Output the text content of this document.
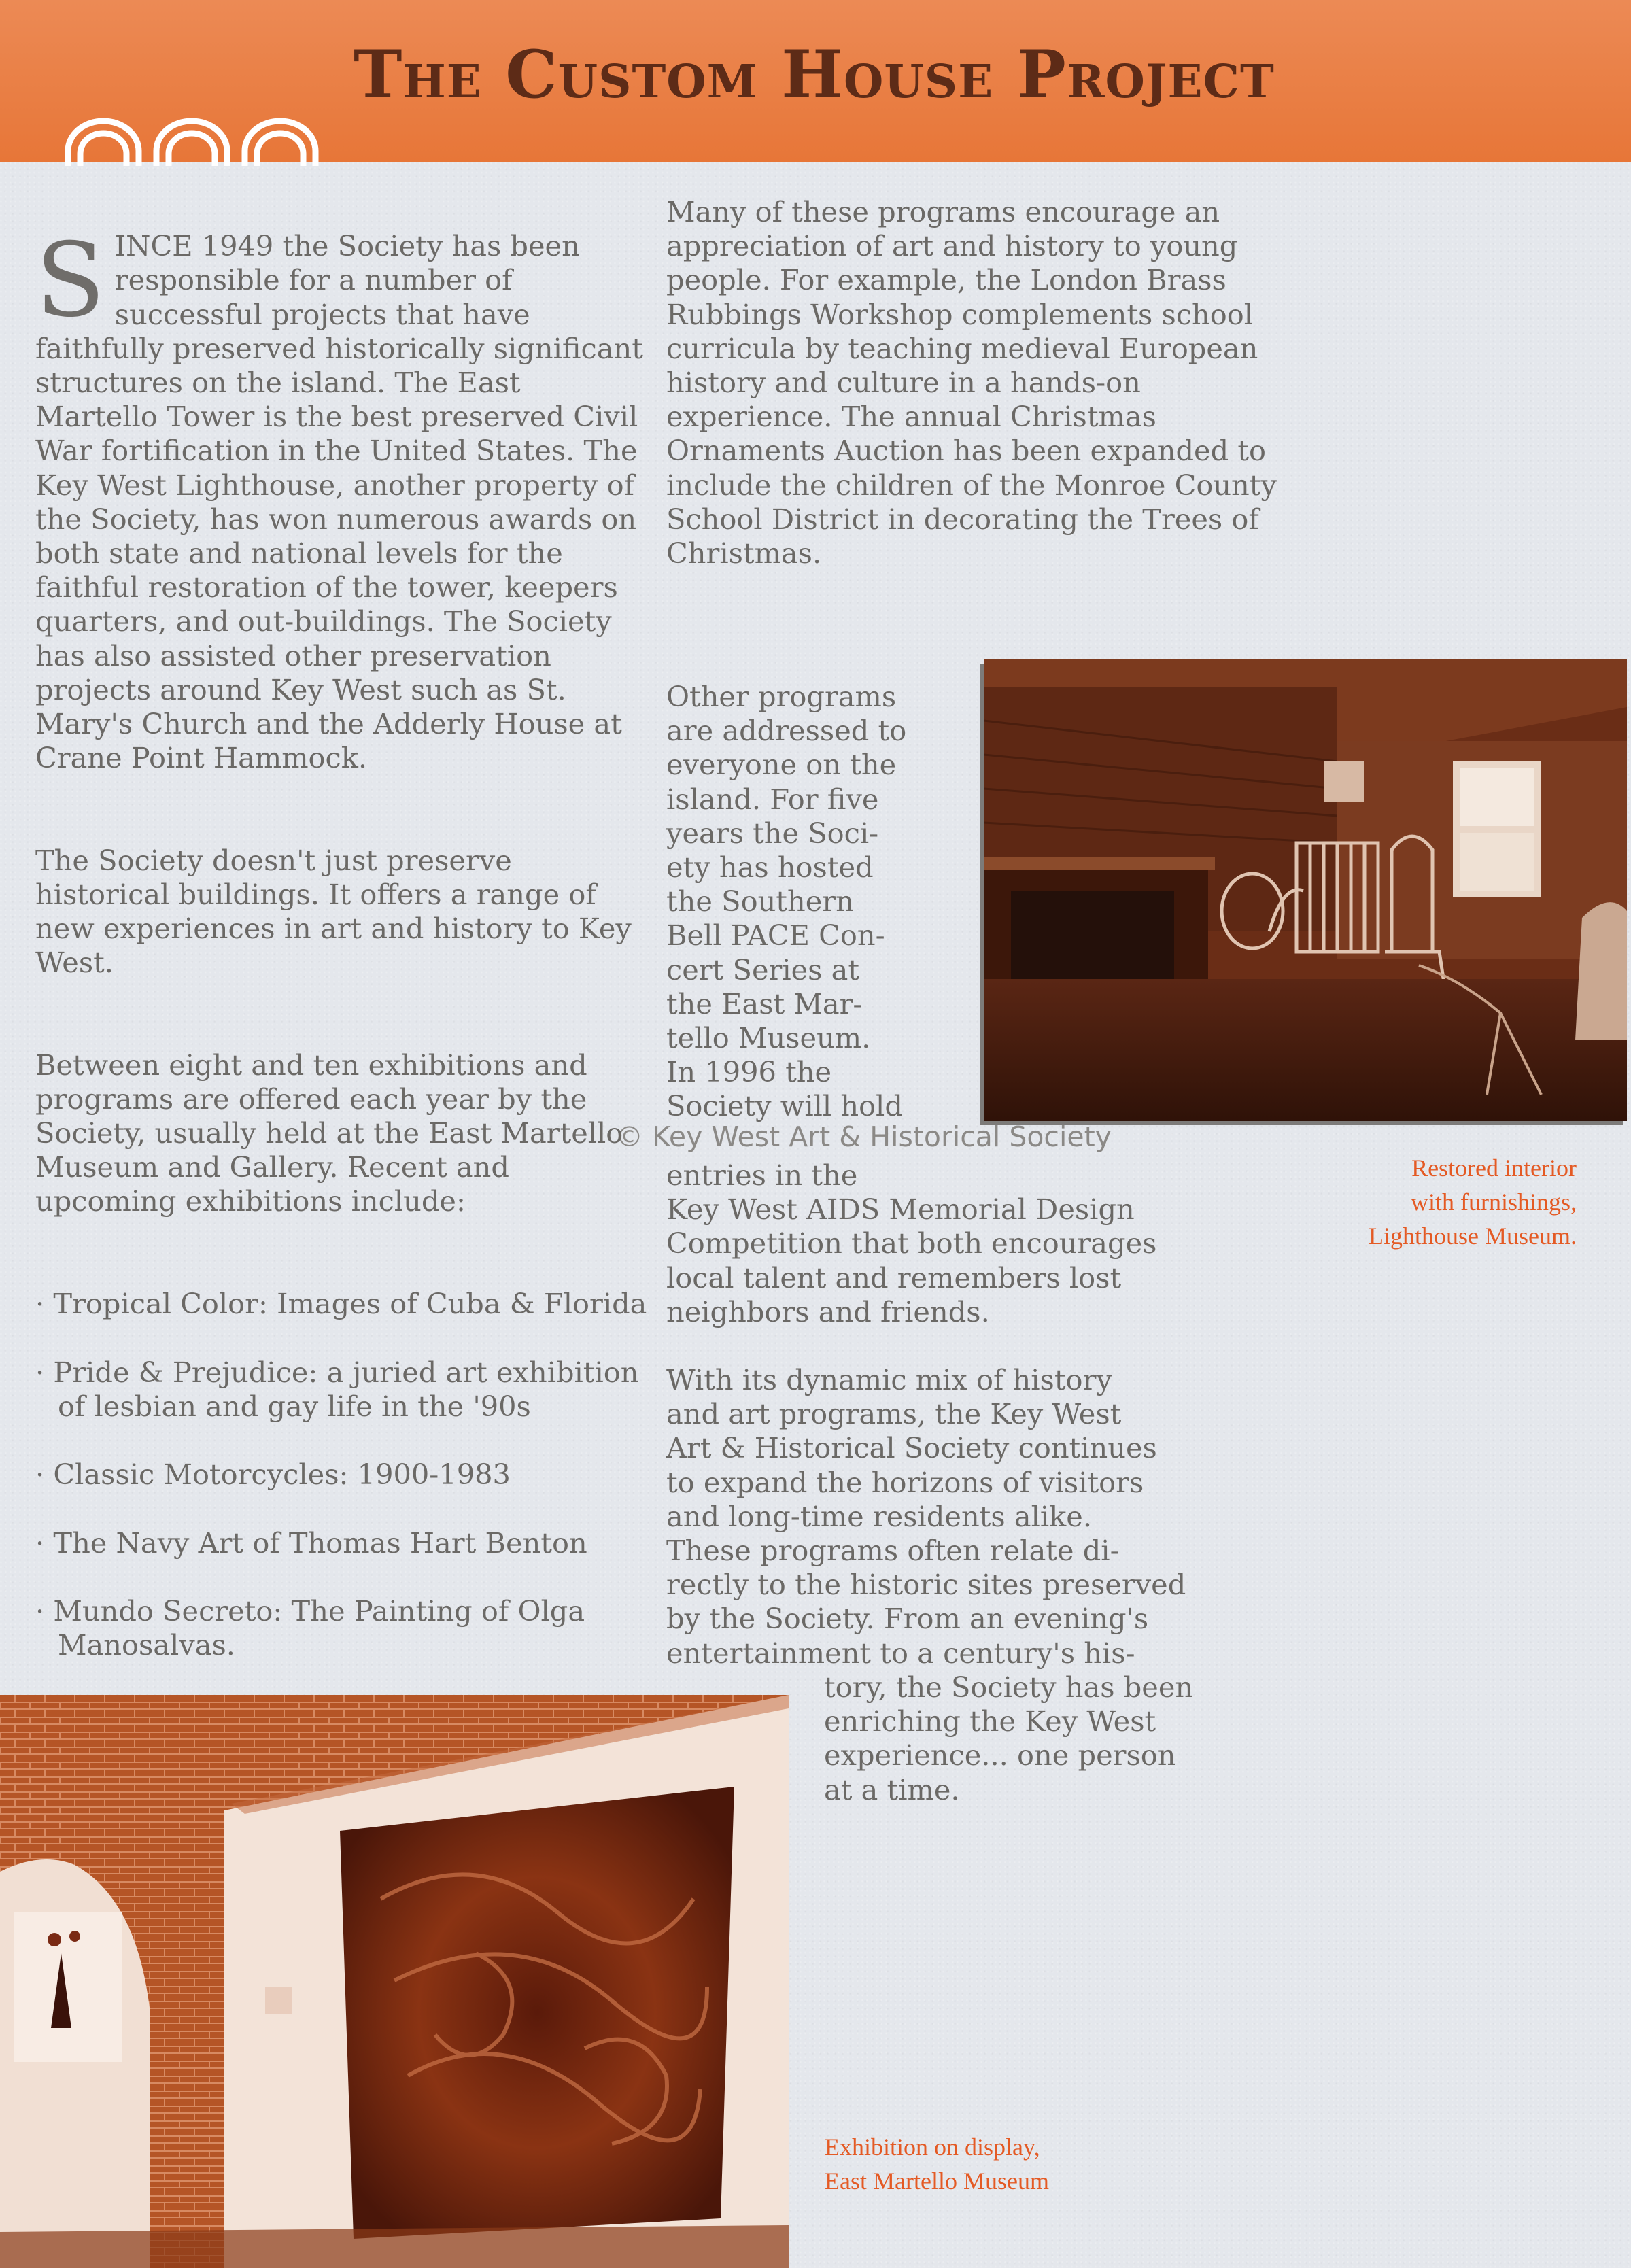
The Custom House Project

SINCE 1949 the Society has been responsible for a number of successful projects that have faithfully preserved historically significant structures on the island. The East Martello Tower is the best preserved Civil War fortification in the United States. The Key West Lighthouse, another property of the Society, has won numerous awards on both state and national levels for the faithful restoration of the tower, keepers quarters, and out-buildings. The Society has also assisted other preservation projects around Key West such as St. Mary's Church and the Adderly House at Crane Point Hammock.

The Society doesn't just preserve historical buildings. It offers a range of new experiences in art and history to Key West.

Between eight and ten exhibitions and programs are offered each year by the Society, usually held at the East Martello Museum and Gallery. Recent and upcoming exhibitions include:

· Tropical Color: Images of Cuba & Florida

· Pride & Prejudice: a juried art exhibition of lesbian and gay life in the '90s

· Classic Motorcycles: 1900-1983

· The Navy Art of Thomas Hart Benton

· Mundo Secreto: The Painting of Olga Manosalvas.

Many of these programs encourage an appreciation of art and history to young people. For example, the London Brass Rubbings Workshop complements school curricula by teaching medieval European history and culture in a hands-on experience. The annual Christmas Ornaments Auction has been expanded to include the children of the Monroe County School District in decorating the Trees of Christmas.

Other programs
are addressed to
everyone on the
island. For five
years the Soci-
ety has hosted
the Southern
Bell PACE Con-
cert Series at
the East Mar-
tello Museum.
In 1996 the
Society will hold

entries in the
Key West AIDS Memorial Design
Competition that both encourages
local talent and remembers lost
neighbors and friends.

With its dynamic mix of history
and art programs, the Key West
Art & Historical Society continues
to expand the horizons of visitors
and long-time residents alike.
These programs often relate di-
rectly to the historic sites preserved
by the Society. From an evening's
entertainment to a century's his-

tory, the Society has been
enriching the Key West
experience... one person
at a time.

Restored interior
with furnishings,
Lighthouse Museum.
Exhibition on display,
East Martello Museum
© Key West Art & Historical Society
